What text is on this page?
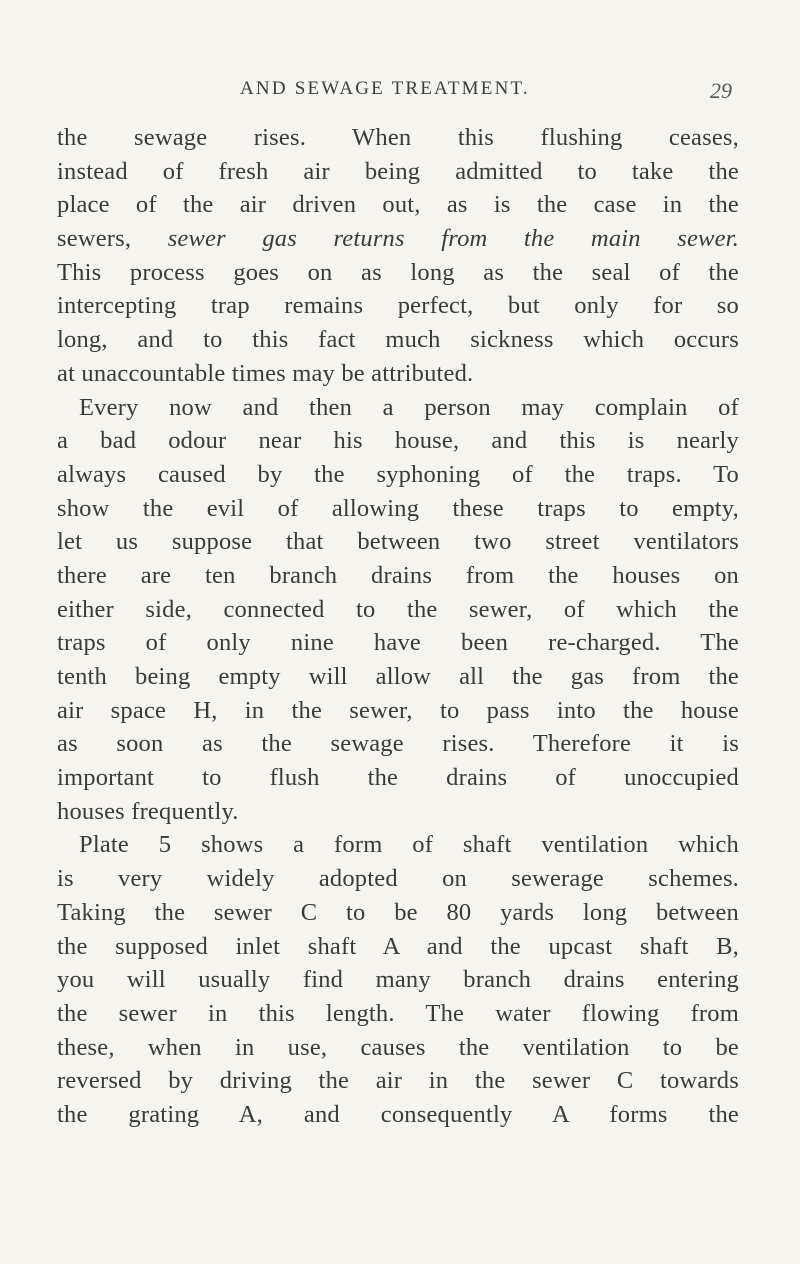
AND SEWAGE TREATMENT.	29
the sewage rises. When this flushing ceases,
instead of fresh air being admitted to take the
place of the air driven out, as is the case in the
sewers, sewer gas returns from the main sewer.
This process goes on as long as the seal of the
intercepting trap remains perfect, but only for so
long, and to this fact much sickness which occurs
at unaccountable times may be attributed.
Every now and then a person may complain of
a bad odour near his house, and this is nearly
always caused by the syphoning of the traps. To
show the evil of allowing these traps to empty,
let us suppose that between two street ventilators
there are ten branch drains from the houses on
either side, connected to the sewer, of which the
traps of only nine have been re-charged. The
tenth being empty will allow all the gas from the
air space H, in the sewer, to pass into the house
as soon as the sewage rises. Therefore it is
important to flush the drains of unoccupied
houses frequently.
Plate 5 shows a form of shaft ventilation which
is very widely adopted on sewerage schemes.
Taking the sewer C to be 80 yards long between
the supposed inlet shaft A and the upcast shaft B,
you will usually find many branch drains entering
the sewer in this length. The water flowing from
these, when in use, causes the ventilation to be
reversed by driving the air in the sewer C towards
the grating A, and consequently A forms the
